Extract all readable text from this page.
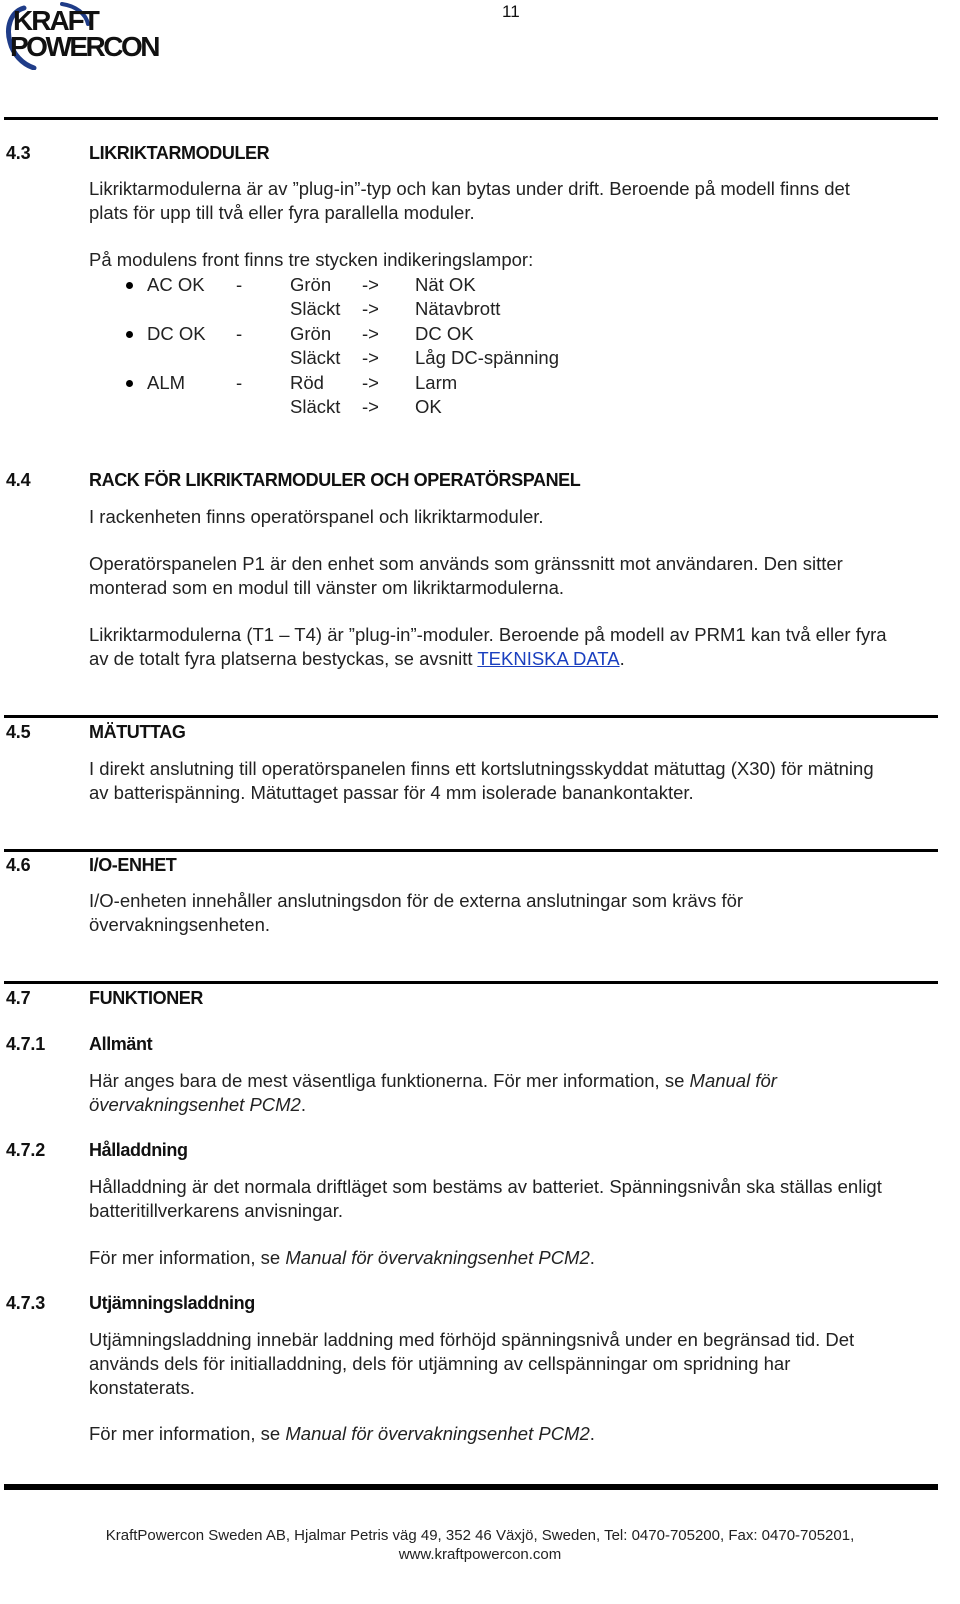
11
KRAFT
POWERCON
4.3	LIKRIKTARMODULER
Likriktarmodulerna är av ”plug-in”-typ och kan bytas under drift. Beroende på modell finns det
plats för upp till två eller fyra parallella moduler.
På modulens front finns tre stycken indikeringslampor:
AC OK -	Grön -> Nät OK
Släckt -> Nätavbrott
DC OK -	Grön -> DC OK
Släckt -> Låg DC-spänning
ALM	-	Röd -> Larm
Släckt -> OK
4.4	RACK FÖR LIKRIKTARMODULER OCH OPERATÖRSPANEL
I rackenheten finns operatörspanel och likriktarmoduler.
Operatörspanelen P1 är den enhet som används som gränssnitt mot användaren. Den sitter
monterad som en modul till vänster om likriktarmodulerna.
Likriktarmodulerna (T1 – T4) är ”plug-in”-moduler. Beroende på modell av PRM1 kan två eller fyra
av de totalt fyra platserna bestyckas, se avsnitt TEKNISKA DATA.
4.5	MÄTUTTAG
I direkt anslutning till operatörspanelen finns ett kortslutningsskyddat mätuttag (X30) för mätning
av batterispänning. Mätuttaget passar för 4 mm isolerade banankontakter.
4.6	I/O-ENHET
I/O-enheten innehåller anslutningsdon för de externa anslutningar som krävs för
övervakningsenheten.
4.7	FUNKTIONER
4.7.1 Allmänt
Här anges bara de mest väsentliga funktionerna. För mer information, se Manual för
övervakningsenhet PCM2.
4.7.2 Hålladdning
Hålladdning är det normala driftläget som bestäms av batteriet. Spänningsnivån ska ställas enligt
batteritillverkarens anvisningar.
För mer information, se Manual för övervakningsenhet PCM2.
4.7.3 Utjämningsladdning
Utjämningsladdning innebär laddning med förhöjd spänningsnivå under en begränsad tid. Det
används dels för initialladdning, dels för utjämning av cellspänningar om spridning har
konstaterats.
För mer information, se Manual för övervakningsenhet PCM2.
KraftPowercon Sweden AB, Hjalmar Petris väg 49, 352 46 Växjö, Sweden, Tel: 0470-705200, Fax: 0470-705201,
www.kraftpowercon.com
